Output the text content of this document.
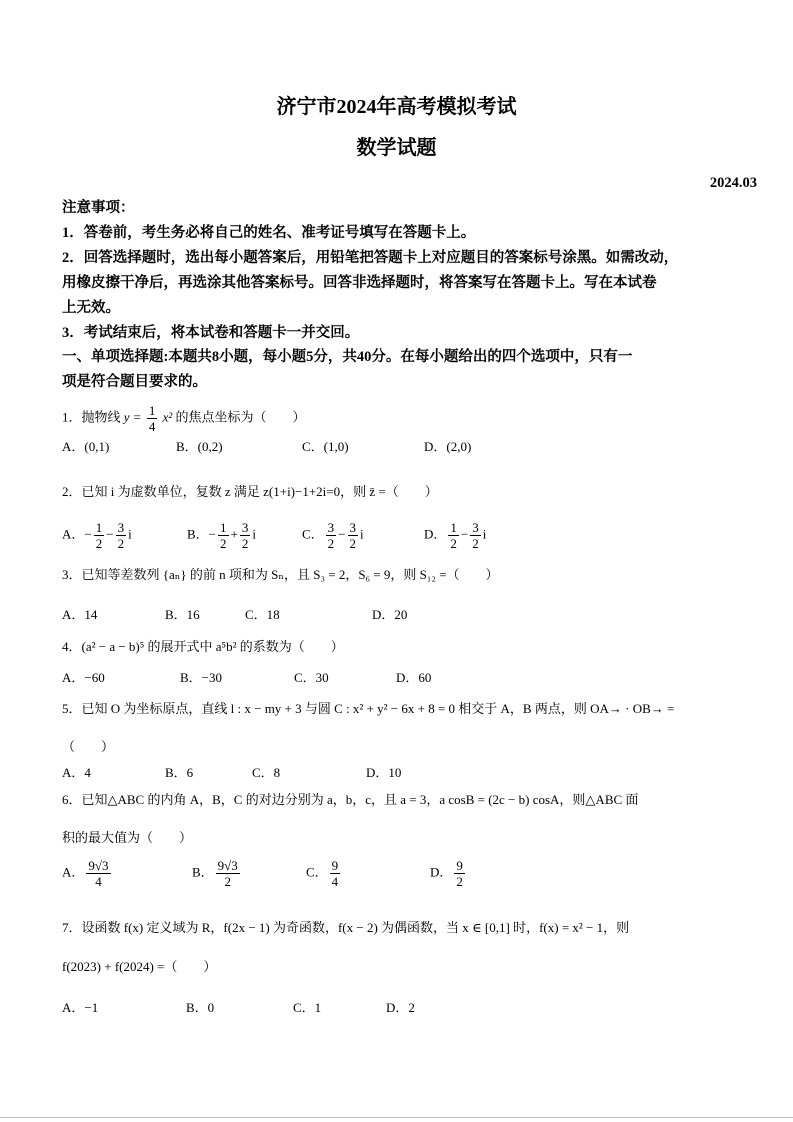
济宁市2024年高考模拟考试
数学试题
2024.03
注意事项：
1．答卷前，考生务必将自己的姓名、准考证号填写在答题卡上。
2．回答选择题时，选出每小题答案后，用铅笔把答题卡上对应题目的答案标号涂黑。如需改动，
用橡皮擦干净后，再选涂其他答案标号。回答非选择题时，将答案写在答题卡上。写在本试卷
上无效。
3．考试结束后，将本试卷和答题卡一并交回。
一、单项选择题:本题共8小题，每小题5分，共40分。在每小题给出的四个选项中，只有一
项是符合题目要求的。
1．抛物线 $y = \frac{1}{4} x^2$ 的焦点坐标为（　　）
A．(0,1)	B．(0,2)	C．(1,0)	D．(2,0)
2．已知 i 为虚数单位，复数 z 满足 z(1+i)−1+2i=0，则 z̄ =（　　）
A．− $\frac{1}{2} - \frac{3}{2}$ i	B．− $\frac{1}{2} + \frac{3}{2}$ i	C． $\frac{3}{2} - \frac{3}{2}$ i	D． $\frac{1}{2} - \frac{3}{2}$ i
3．已知等差数列 {aₙ} 的前 n 项和为 Sₙ，且 S₃ = 2，S₆ = 9，则 S₁₂ =（　　）
A．14	B．16	C．18	D．20
4．(a² − a − b)⁵ 的展开式中 a⁵b² 的系数为（　　）
A．−60	B．−30	C．30	D．60
5．已知 O 为坐标原点，直线 l : x − my + 3 与圆 C : x² + y² − 6x + 8 = 0 相交于 A，B 两点，则 OA→ · OB→ =
（　　）
A．4	B．6	C．8	D．10
6．已知△ABC 的内角 A，B，C 的对边分别为 a，b，c，且 a = 3，a cosB = (2c − b) cosA，则△ABC 面
积的最大值为（　　）
A． $\frac{9√3}{4}$	B． $\frac{9√3}{2}$	C． $\frac{9}{4}$	D． $\frac{9}{2}$
7．设函数 f(x) 定义域为 R，f(2x − 1) 为奇函数，f(x − 2) 为偶函数，当 x ∈ [0,1] 时，f(x) = x² − 1，则
f(2023) + f(2024) =（　　）
A．−1	B．0	C．1	D．2
